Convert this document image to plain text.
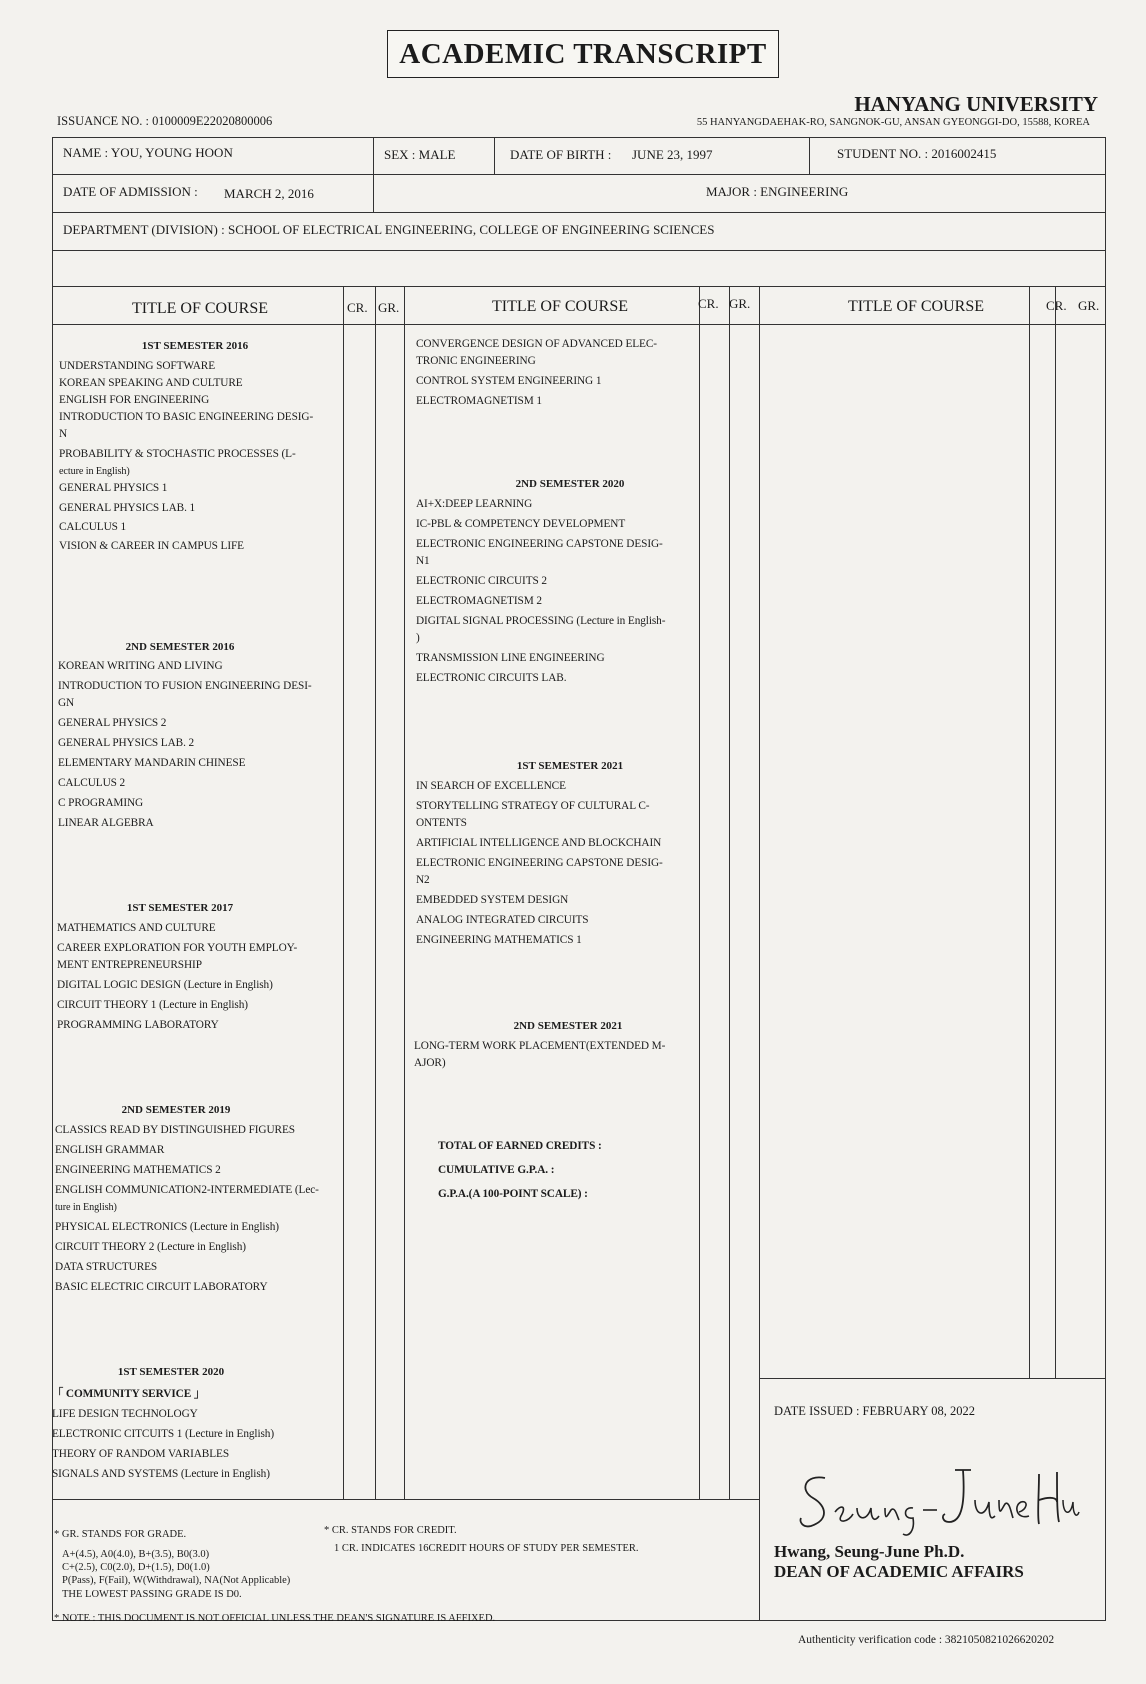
ACADEMIC TRANSCRIPT
HANYANG UNIVERSITY
55 HANYANGDAEHAK-RO, SANGNOK-GU, ANSAN GYEONGGI-DO, 15588, KOREA
ISSUANCE NO. : 0100009E22020800006
NAME : YOU, YOUNG HOON	SEX : MALE	DATE OF BIRTH : JUNE 23, 1997	STUDENT NO. : 2016002415
DATE OF ADMISSION : MARCH 2, 2016	MAJOR : ENGINEERING
DEPARTMENT (DIVISION) : SCHOOL OF ELECTRICAL ENGINEERING, COLLEGE OF ENGINEERING SCIENCES
TITLE OF COURSE	CR. GR.	TITLE OF COURSE	CR. GR.	TITLE OF COURSE	CR. GR.
1ST SEMESTER 2016
UNDERSTANDING SOFTWARE
KOREAN SPEAKING AND CULTURE
ENGLISH FOR ENGINEERING
INTRODUCTION TO BASIC ENGINEERING DESIG-
N
PROBABILITY & STOCHASTIC PROCESSES (L-
ecture in English)
GENERAL PHYSICS 1
GENERAL PHYSICS LAB. 1
CALCULUS 1
VISION & CAREER IN CAMPUS LIFE
2ND SEMESTER 2016
KOREAN WRITING AND LIVING
INTRODUCTION TO FUSION ENGINEERING DESI-
GN
GENERAL PHYSICS 2
GENERAL PHYSICS LAB. 2
ELEMENTARY MANDARIN CHINESE
CALCULUS 2
C PROGRAMING
LINEAR ALGEBRA
1ST SEMESTER 2017
MATHEMATICS AND CULTURE
CAREER EXPLORATION FOR YOUTH EMPLOY-
MENT ENTREPRENEURSHIP
DIGITAL LOGIC DESIGN (Lecture in English)
CIRCUIT THEORY 1 (Lecture in English)
PROGRAMMING LABORATORY
2ND SEMESTER 2019
CLASSICS READ BY DISTINGUISHED FIGURES
ENGLISH GRAMMAR
ENGINEERING MATHEMATICS 2
ENGLISH COMMUNICATION2-INTERMEDIATE (Lec-
ture in English)
PHYSICAL ELECTRONICS (Lecture in English)
CIRCUIT THEORY 2 (Lecture in English)
DATA STRUCTURES
BASIC ELECTRIC CIRCUIT LABORATORY
1ST SEMESTER 2020
「 COMMUNITY SERVICE 」
LIFE DESIGN TECHNOLOGY
ELECTRONIC CITCUITS 1 (Lecture in English)
THEORY OF RANDOM VARIABLES
SIGNALS AND SYSTEMS (Lecture in English)
CONVERGENCE DESIGN OF ADVANCED ELEC-
TRONIC ENGINEERING
CONTROL SYSTEM ENGINEERING 1
ELECTROMAGNETISM 1
2ND SEMESTER 2020
AI+X:DEEP LEARNING
IC-PBL & COMPETENCY DEVELOPMENT
ELECTRONIC ENGINEERING CAPSTONE DESIG-
N1
ELECTRONIC CIRCUITS 2
ELECTROMAGNETISM 2
DIGITAL SIGNAL PROCESSING (Lecture in English-
)
TRANSMISSION LINE ENGINEERING
ELECTRONIC CIRCUITS LAB.
1ST SEMESTER 2021
IN SEARCH OF EXCELLENCE
STORYTELLING STRATEGY OF CULTURAL C-
ONTENTS
ARTIFICIAL INTELLIGENCE AND BLOCKCHAIN
ELECTRONIC ENGINEERING CAPSTONE DESIG-
N2
EMBEDDED SYSTEM DESIGN
ANALOG INTEGRATED CIRCUITS
ENGINEERING MATHEMATICS 1
2ND SEMESTER 2021
LONG-TERM WORK PLACEMENT(EXTENDED M-
AJOR)
TOTAL OF EARNED CREDITS :
CUMULATIVE G.P.A. :
G.P.A.(A 100-POINT SCALE) :
DATE ISSUED : FEBRUARY 08, 2022
Hwang, Seung-June Ph.D.
DEAN OF ACADEMIC AFFAIRS
* GR. STANDS FOR GRADE.
A+(4.5), A0(4.0), B+(3.5), B0(3.0)
C+(2.5), C0(2.0), D+(1.5), D0(1.0)
P(Pass), F(Fail), W(Withdrawal), NA(Not Applicable)
THE LOWEST PASSING GRADE IS D0.
* CR. STANDS FOR CREDIT.
1 CR. INDICATES 16CREDIT HOURS OF STUDY PER SEMESTER.
* NOTE : THIS DOCUMENT IS NOT OFFICIAL UNLESS THE DEAN'S SIGNATURE IS AFFIXED.
Authenticity verification code : 3821050821026620202
